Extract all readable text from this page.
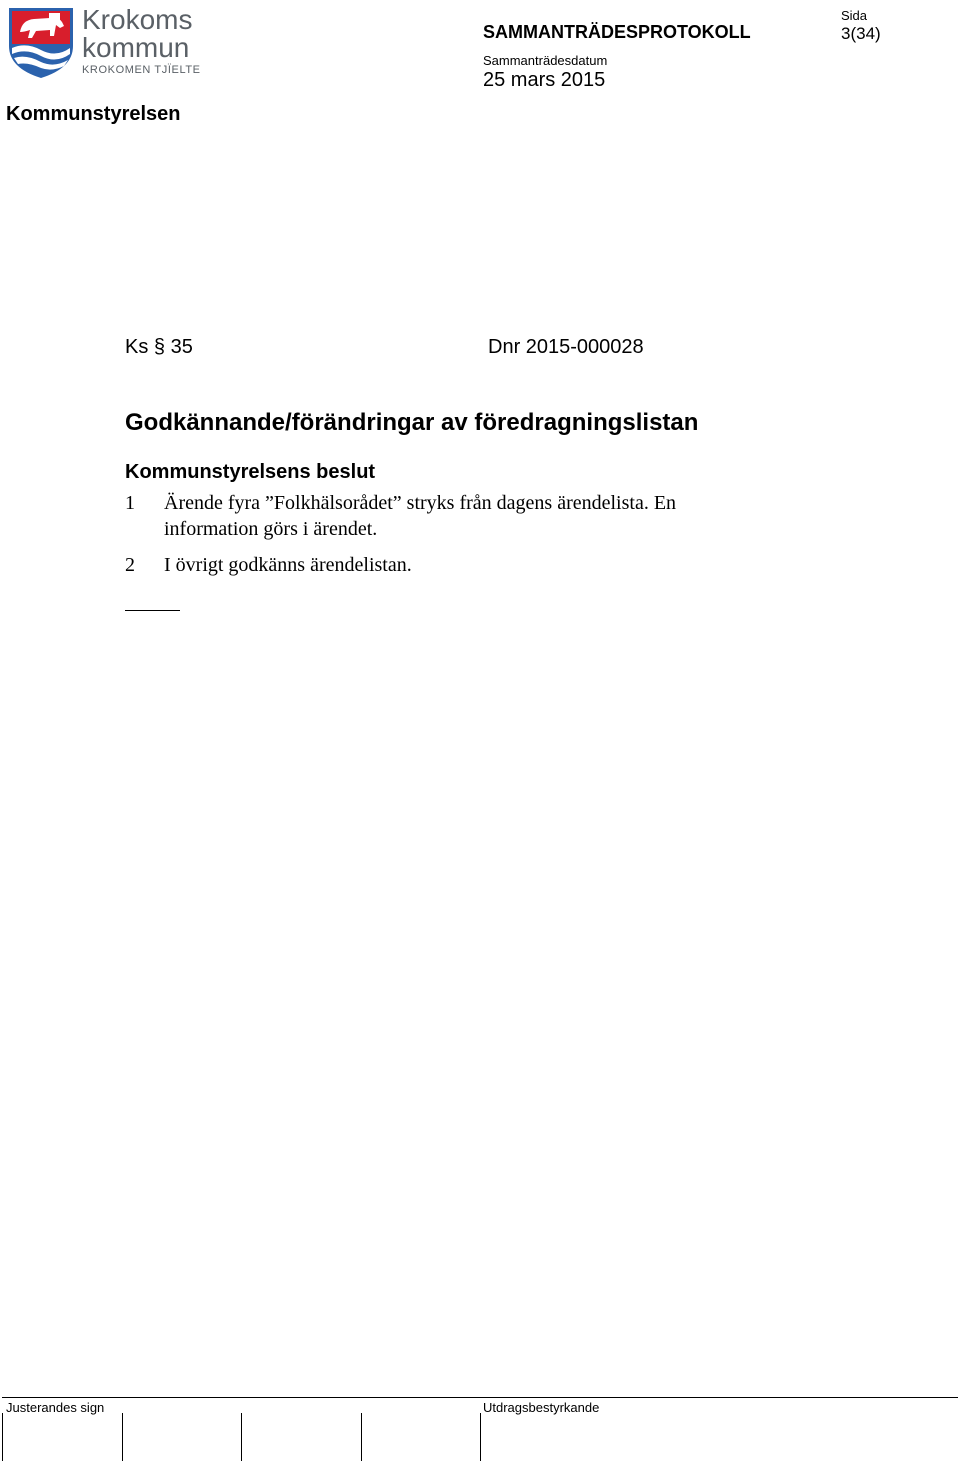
Krokoms
kommun
KROKOMEN TJÏELTE
Kommunstyrelsen
SAMMANTRÄDESPROTOKOLL
Sammanträdesdatum
25 mars 2015
Sida
3(34)
Ks § 35	Dnr 2015-000028
Godkännande/förändringar av föredragningslistan
Kommunstyrelsens beslut
1 Ärende fyra ”Folkhälsorådet” stryks från dagens ärendelista. En
information görs i ärendet.
2 I övrigt godkänns ärendelistan.
Justerandes sign	Utdragsbestyrkande
